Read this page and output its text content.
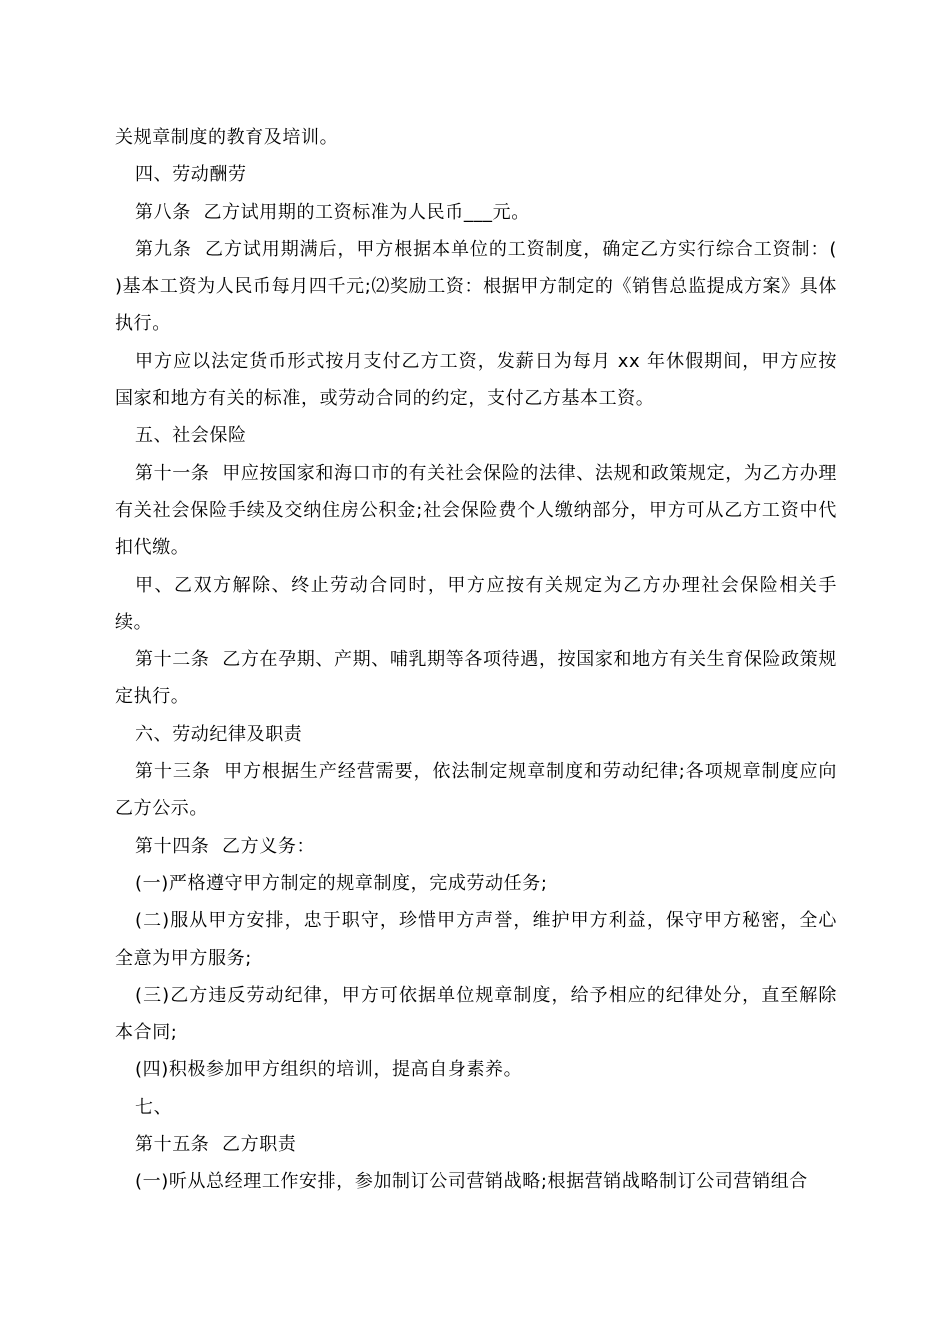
关规章制度的教育及培训。

四、劳动酬劳

第八条  乙方试用期的工资标准为人民币___元。

第九条  乙方试用期满后，甲方根据本单位的工资制度，确定乙方实行综合工资制：( )基本工资为人民币每月四千元;⑵奖励工资：根据甲方制定的《销售总监提成方案》具体执行。

甲方应以法定货币形式按月支付乙方工资，发薪日为每月 xx 年休假期间，甲方应按国家和地方有关的标准，或劳动合同的约定，支付乙方基本工资。

五、社会保险

第十一条  甲应按国家和海口市的有关社会保险的法律、法规和政策规定，为乙方办理有关社会保险手续及交纳住房公积金;社会保险费个人缴纳部分，甲方可从乙方工资中代扣代缴。

甲、乙双方解除、终止劳动合同时，甲方应按有关规定为乙方办理社会保险相关手续。

第十二条  乙方在孕期、产期、哺乳期等各项待遇，按国家和地方有关生育保险政策规定执行。

六、劳动纪律及职责

第十三条  甲方根据生产经营需要，依法制定规章制度和劳动纪律;各项规章制度应向乙方公示。

第十四条  乙方义务：

(一)严格遵守甲方制定的规章制度，完成劳动任务;

(二)服从甲方安排，忠于职守，珍惜甲方声誉，维护甲方利益，保守甲方秘密，全心全意为甲方服务;

(三)乙方违反劳动纪律，甲方可依据单位规章制度，给予相应的纪律处分，直至解除本合同;

(四)积极参加甲方组织的培训，提高自身素养。

七、

第十五条  乙方职责

(一)听从总经理工作安排，参加制订公司营销战略;根据营销战略制订公司营销组合
